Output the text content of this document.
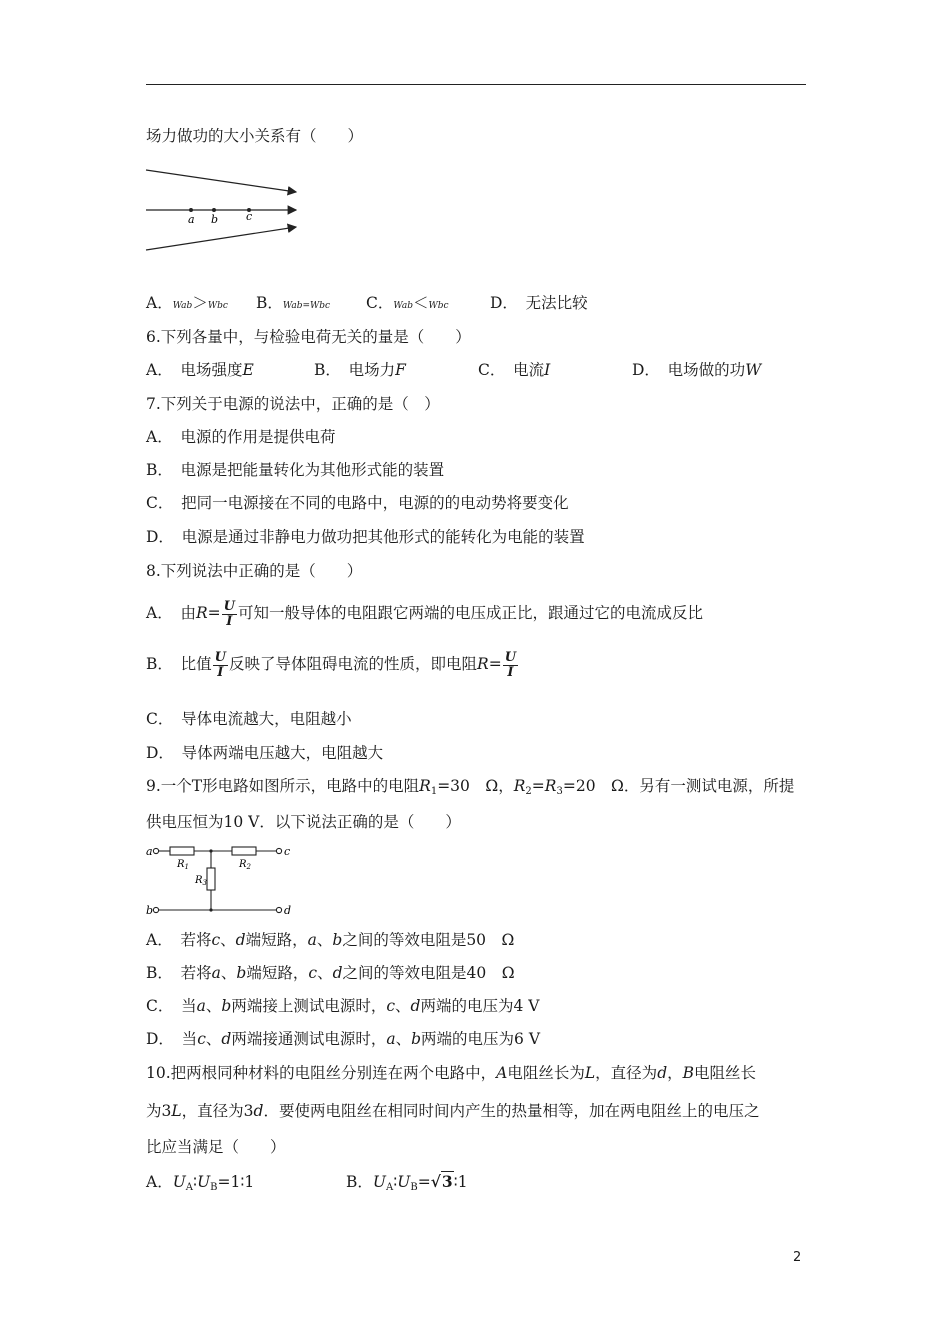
场力做功的大小关系有（　　）
a b	c
A．Wab＞Wbc B．Wab=Wbc C．Wab＜Wbc	D．　无法比较
6.下列各量中，与检验电荷无关的量是（　　）
A．　电场强度E	B．　电场力F	C．　电流I	D．　电场做的功W
7.下列关于电源的说法中，正确的是（　）
A．　电源的作用是提供电荷
B．　电源是把能量转化为其他形式能的装置
C．　把同一电源接在不同的电路中，电源的的电动势将要变化
D．　电源是通过非静电力做功把其他形式的能转化为电能的装置
8.下列说法中正确的是（　　）
A．　由$R= \frac{U}{I}$ 可知一般导体的电阻跟它两端的电压成正比，跟通过它的电流成反比
B．　比值 $\frac{U}{I}$ 反映了导体阻碍电流的性质，即电阻$R= \frac{U}{I}$
C．　导体电流越大，电阻越小
D．　导体两端电压越大，电阻越大
9.一个T形电路如图所示，电路中的电阻$R_1=30$　Ω，$R_2=R_3=20$　Ω．另有一测试电源，所提
供电压恒为10 V．以下说法正确的是（　　）
a
b
c
d
$R_1$	$R_2$
$R_3$
A．　若将c、d端短路，a、b之间的等效电阻是50　Ω
B．　若将a、b端短路，c、d之间的等效电阻是40　Ω
C．　当a、b两端接上测试电源时，c、d两端的电压为4 V
D．　当c、d两端接通测试电源时，a、b两端的电压为6 V
10.把两根同种材料的电阻丝分别连在两个电路中，A电阻丝长为L，直径为d，B电阻丝长
为3L，直径为3d．要使两电阻丝在相同时间内产生的热量相等，加在两电阻丝上的电压之
比应当满足（　　）
A．$U_A∶U_B=1∶1$	B．$U_A∶U_B=√3∶1$
2
